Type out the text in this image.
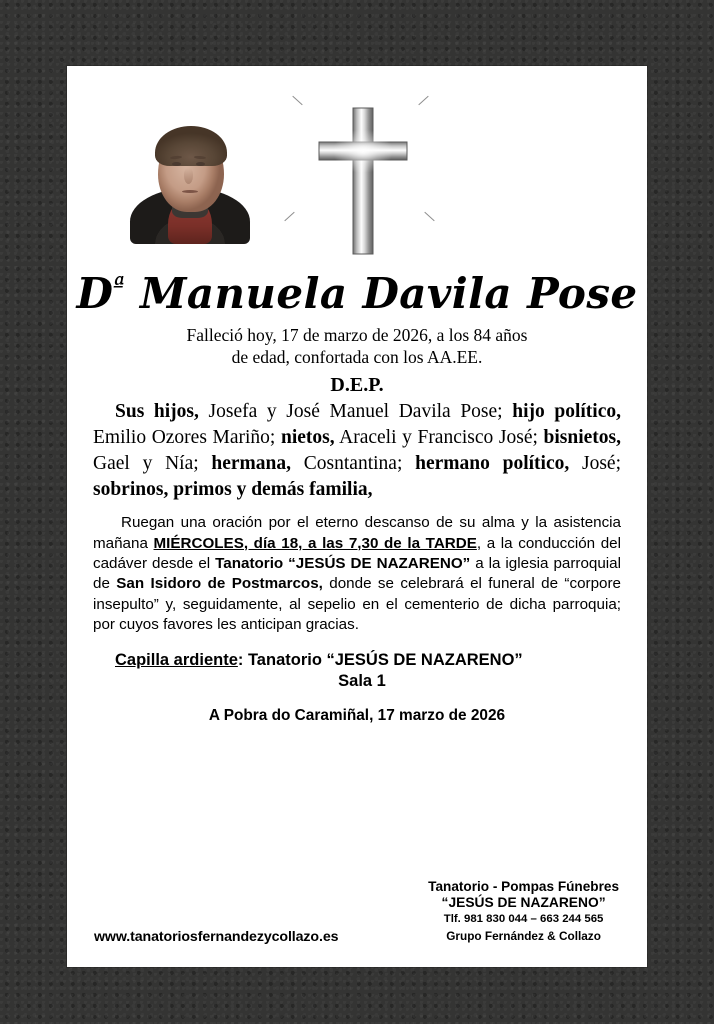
$D^ª$ Manuela Davila Pose
Falleció hoy, 17 de marzo de 2026, a los 84 años
de edad, confortada con los AA.EE.
D.E.P.
Sus hijos, Josefa y José Manuel Davila Pose; hijo político, Emilio Ozores Mariño; nietos, Araceli y Francisco José; bisnietos, Gael y Nía; hermana, Cosntantina; hermano político, José; sobrinos, primos y demás familia,
Ruegan una oración por el eterno descanso de su alma y la asistencia mañana MIÉRCOLES, día 18, a las 7,30 de la TARDE, a la conducción del cadáver desde el Tanatorio “JESÚS DE NAZARENO” a la iglesia parroquial de San Isidoro de Postmarcos, donde se celebrará el funeral de “corpore insepulto” y, seguidamente, al sepelio en el cementerio de dicha parroquia; por cuyos favores les anticipan gracias.
Capilla ardiente: Tanatorio “JESÚS DE NAZARENO”
Sala 1
A Pobra do Caramiñal, 17 marzo de 2026
Tanatorio - Pompas Fúnebres
“JESÚS DE NAZARENO”
Tlf. 981 830 044 – 663 244 565
Grupo Fernández & Collazo
www.tanatoriosfernandezycollazo.es
